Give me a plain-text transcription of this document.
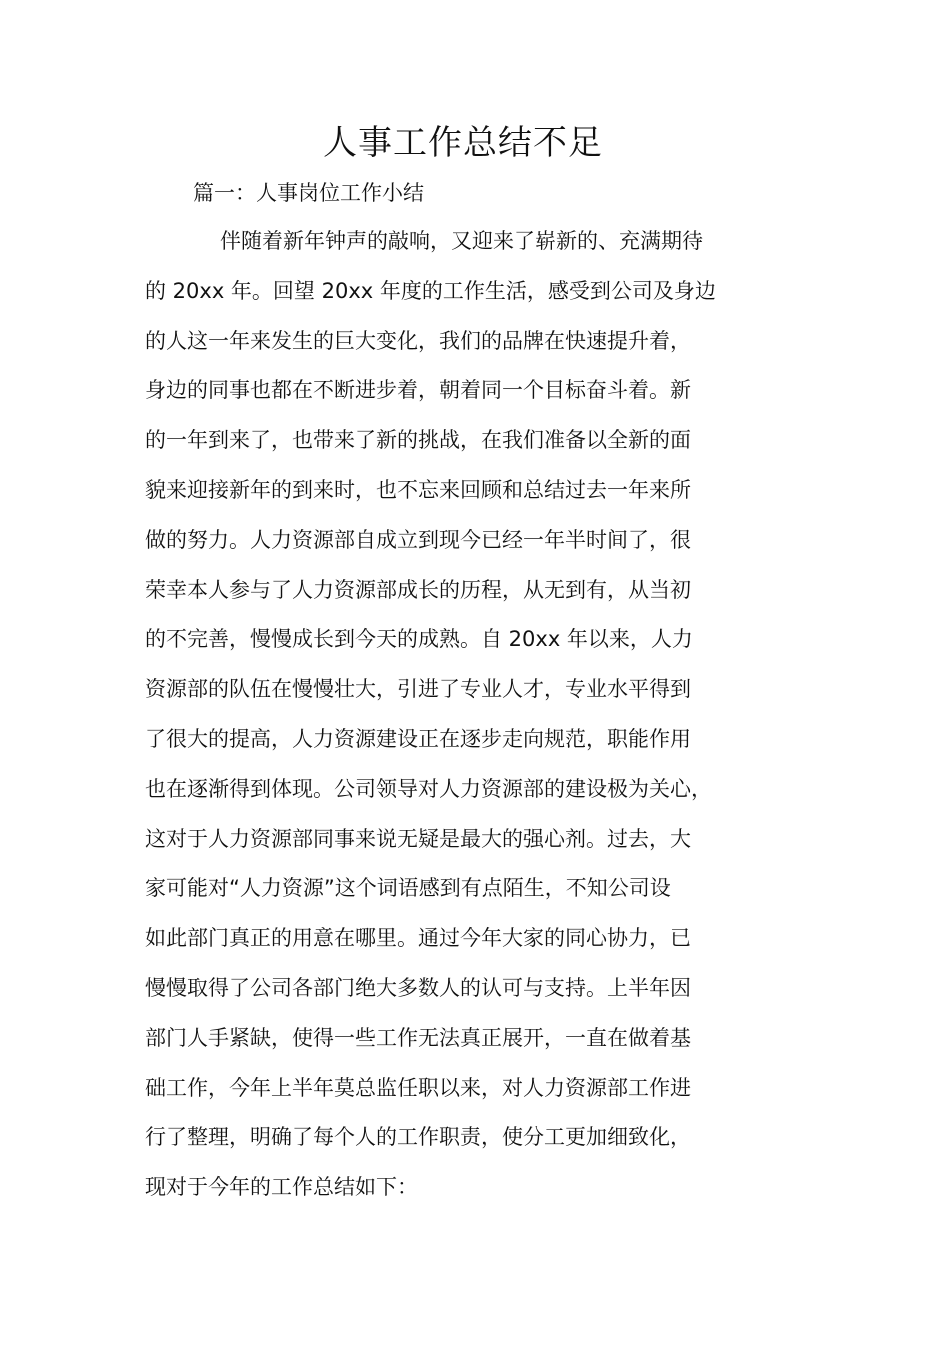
人事工作总结不足
篇一：人事岗位工作小结
伴随着新年钟声的敲响，又迎来了崭新的、充满期待
的 20xx 年。回望 20xx 年度的工作生活，感受到公司及身边
的人这一年来发生的巨大变化，我们的品牌在快速提升着，
身边的同事也都在不断进步着，朝着同一个目标奋斗着。新
的一年到来了，也带来了新的挑战，在我们准备以全新的面
貌来迎接新年的到来时，也不忘来回顾和总结过去一年来所
做的努力。人力资源部自成立到现今已经一年半时间了，很
荣幸本人参与了人力资源部成长的历程，从无到有，从当初
的不完善，慢慢成长到今天的成熟。自 20xx 年以来，人力
资源部的队伍在慢慢壮大，引进了专业人才，专业水平得到
了很大的提高，人力资源建设正在逐步走向规范，职能作用
也在逐渐得到体现。公司领导对人力资源部的建设极为关心，
这对于人力资源部同事来说无疑是最大的强心剂。过去，大
家可能对“人力资源”这个词语感到有点陌生，不知公司设
如此部门真正的用意在哪里。通过今年大家的同心协力，已
慢慢取得了公司各部门绝大多数人的认可与支持。上半年因
部门人手紧缺，使得一些工作无法真正展开，一直在做着基
础工作，今年上半年莫总监任职以来，对人力资源部工作进
行了整理，明确了每个人的工作职责，使分工更加细致化，
现对于今年的工作总结如下：
